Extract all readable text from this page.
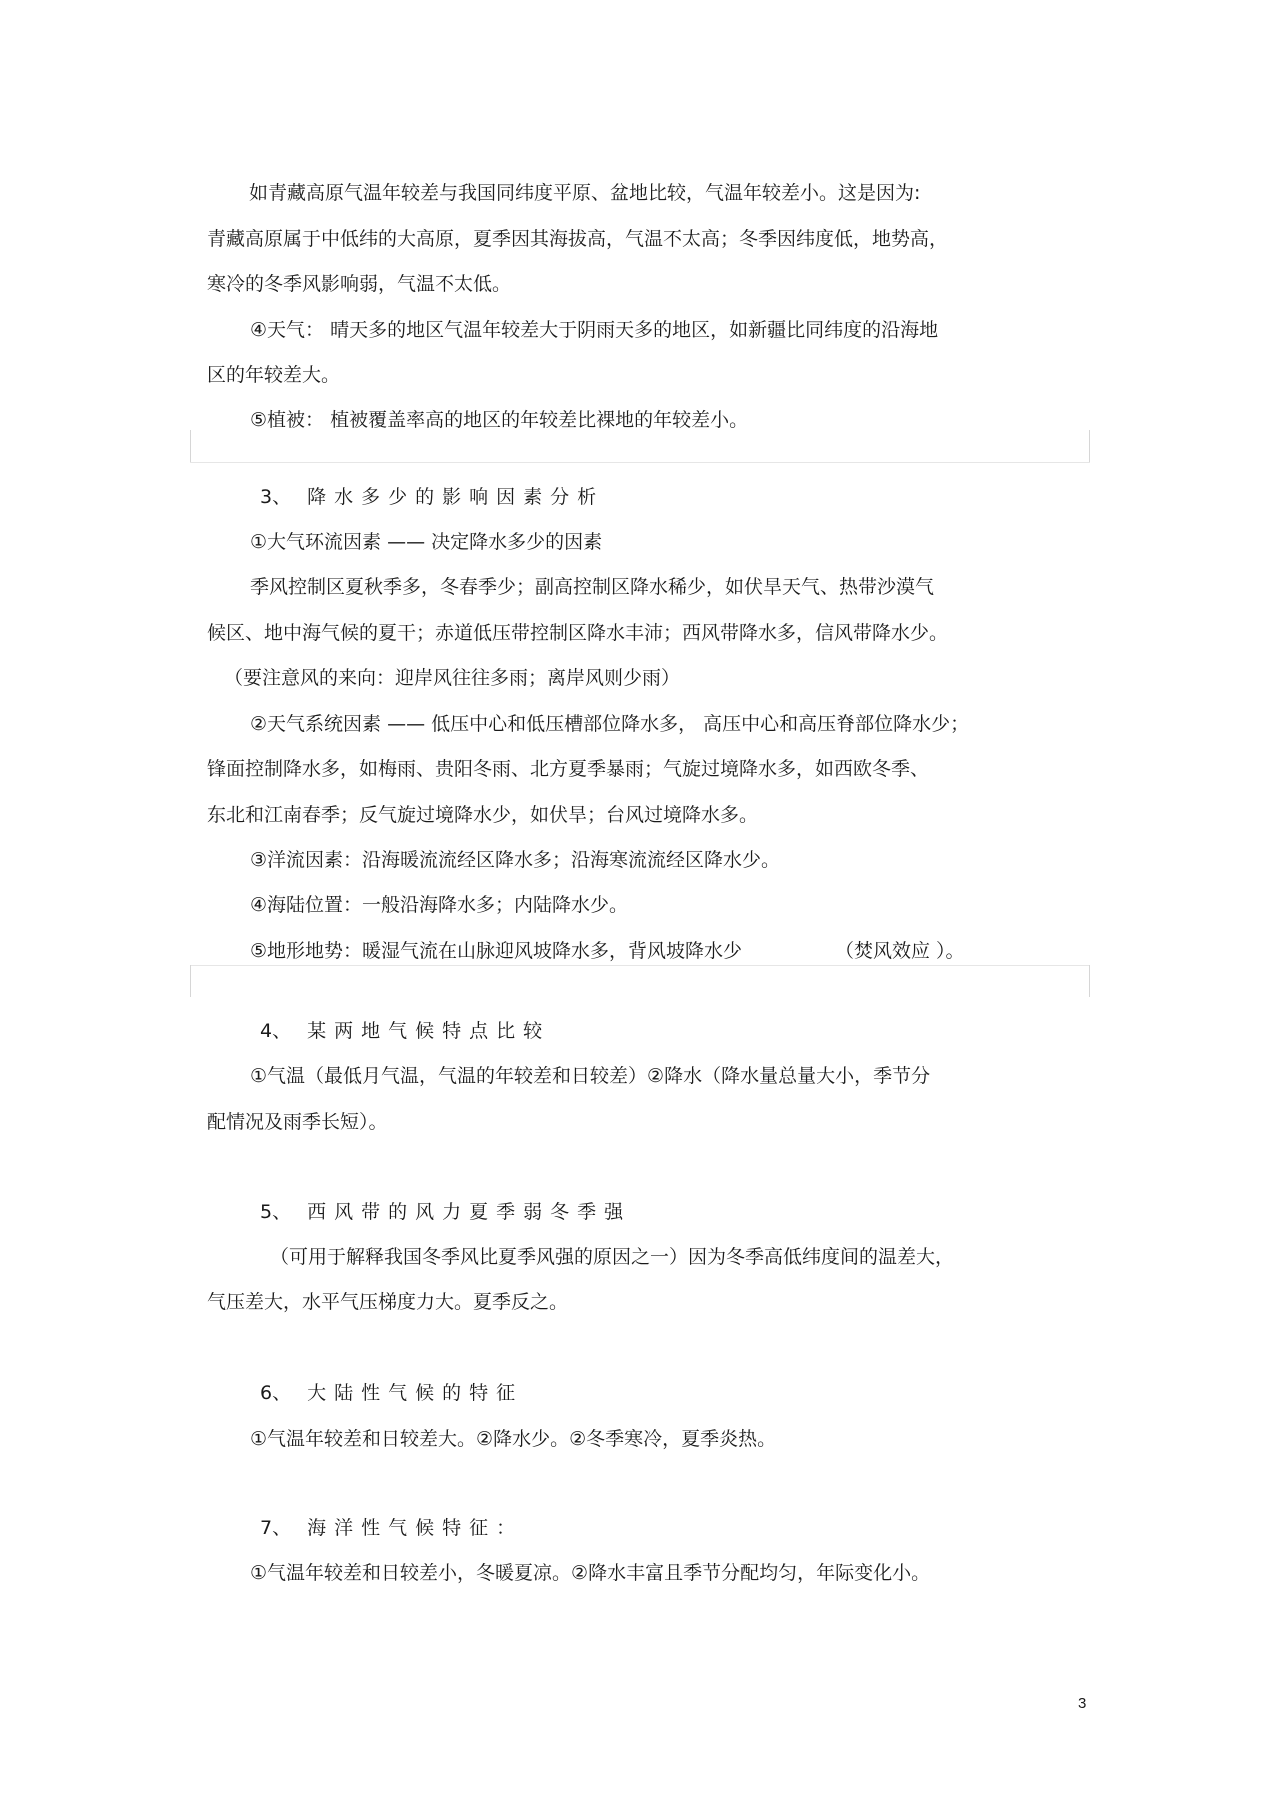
如青藏高原气温年较差与我国同纬度平原、盆地比较，气温年较差小。这是因为:
青藏高原属于中低纬的大高原，夏季因其海拔高，气温不太高；冬季因纬度低，地势高，
寒冷的冬季风影响弱，气温不太低。
④天气： 晴天多的地区气温年较差大于阴雨天多的地区，如新疆比同纬度的沿海地
区的年较差大。
⑤植被： 植被覆盖率高的地区的年较差比裸地的年较差小。
3、 降水多少的影响因素分析
①大气环流因素 —— 决定降水多少的因素
季风控制区夏秋季多，冬春季少；副高控制区降水稀少，如伏旱天气、热带沙漠气
候区、地中海气候的夏干；赤道低压带控制区降水丰沛；西风带降水多，信风带降水少。
（要注意风的来向：迎岸风往往多雨；离岸风则少雨）
②天气系统因素 —— 低压中心和低压槽部位降水多， 高压中心和高压脊部位降水少；
锋面控制降水多，如梅雨、贵阳冬雨、北方夏季暴雨；气旋过境降水多，如西欧冬季、
东北和江南春季；反气旋过境降水少，如伏旱；台风过境降水多。
③洋流因素：沿海暖流流经区降水多；沿海寒流流经区降水少。
④海陆位置：一般沿海降水多；内陆降水少。
⑤地形地势：暖湿气流在山脉迎风坡降水多，背风坡降水少	（焚风效应 ）。
4、 某两地气候特点比较
①气温（最低月气温，气温的年较差和日较差）②降水（降水量总量大小，季节分
配情况及雨季长短）。
5、 西风带的风力夏季弱冬季强
（可用于解释我国冬季风比夏季风强的原因之一）因为冬季高低纬度间的温差大，
气压差大，水平气压梯度力大。夏季反之。
6、 大陆性气候的特征
①气温年较差和日较差大。②降水少。②冬季寒冷，夏季炎热。
7、 海洋性气候特征：
①气温年较差和日较差小，冬暖夏凉。②降水丰富且季节分配均匀，年际变化小。
3
